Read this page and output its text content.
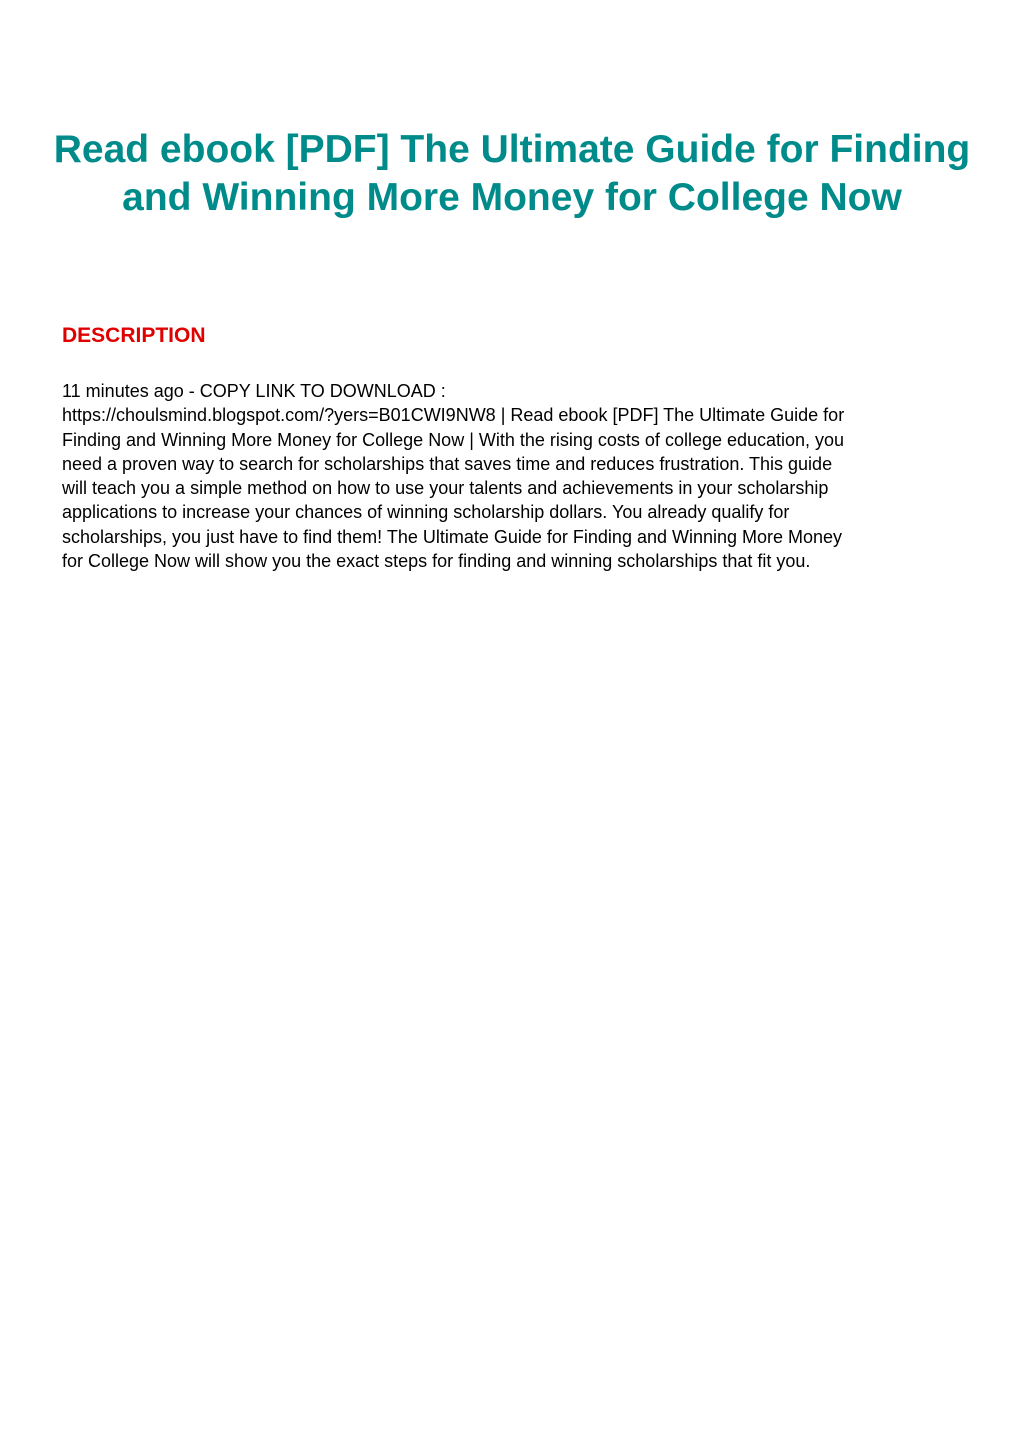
Read ebook [PDF] The Ultimate Guide for Finding and Winning More Money for College Now
DESCRIPTION

11 minutes ago - COPY LINK TO DOWNLOAD :
https://choulsmind.blogspot.com/?yers=B01CWI9NW8 | Read ebook [PDF] The Ultimate Guide for
Finding and Winning More Money for College Now | With the rising costs of college education, you
need a proven way to search for scholarships that saves time and reduces frustration. This guide
will teach you a simple method on how to use your talents and achievements in your scholarship
applications to increase your chances of winning scholarship dollars. You already qualify for
scholarships, you just have to find them! The Ultimate Guide for Finding and Winning More Money
for College Now will show you the exact steps for finding and winning scholarships that fit you.
